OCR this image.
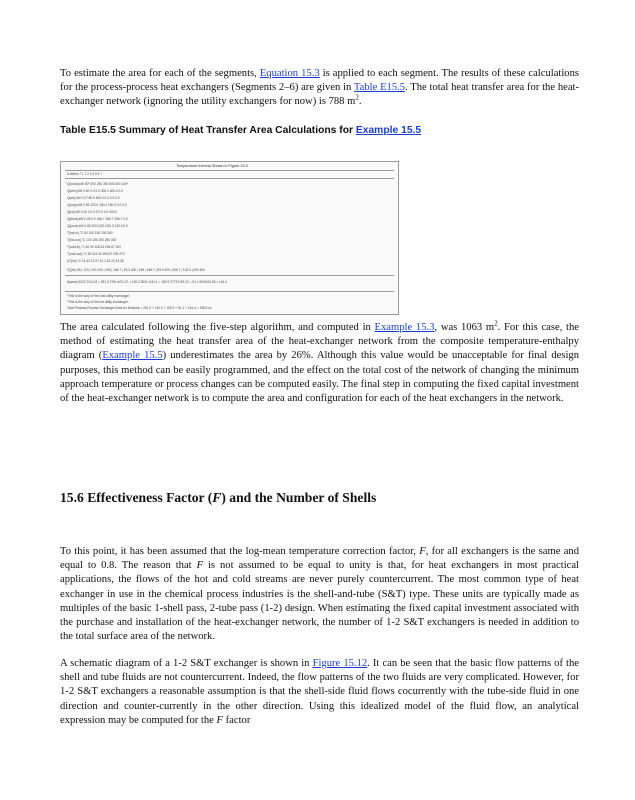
To estimate the area for each of the segments, Equation 15.3 is applied to each segment. The results of these calculations for the process-process heat exchangers (Segments 2–6) are given in Table E15.5. The total heat transfer area for the heat-exchanger network (ignoring the utility exchangers for now) is 788 $m^2$.

Table E15.5 Summary of Heat Transfer Area Calculations for Example 15.5

Temperature Interval Shown in Figure 15.5
A kW/m² °C 1 2 3 4 5 6 7
Q(cond),kW 50* 200 250 350 600 400 100*
Q(stm),kW 0.40 0.0 0.0 400.0 400.0 0.0
Q(air),kW 0.27 80.0 400.0 0.0 0.0 0.0
Q(vap),kW 0.55 120.0 150.0 150.0 0.0 0.0
Q(rd),kW 0.10 0.0 0.0 0.0 0.0 400.0
Q(feed),kW 0.25 0.0 166.7 166.7 266.7 0.0
Q(prod),kW 0.08 200.0 83.3 83.3 133.3 0.0
T(hot,in),°C 60 100 150 200 250
T(hot,out),°C 130 150 200 250 300
T(cold,in),°C 40 90 118.33 196.67 100
T(cold,out),°C 90 113.33 156.67 190 270
ΔT(lm),°C 14.43 21.07 41.1 91.22 43.28
Σ(Q/h) 80 | 123 | 200 100 | 150 | 166.7 | 83.3 400 | 150 | 166.7 | 83.3 400 | 266.7 | 133.3 | 400 400
A(area) 3022.7/14.43 = 261.9 2761.4/21.07 = 130.2 5041.1/41.1 = 152.9 2773.1/91.22 = 91.1 5000/43.28 = 144.4
*This is the duty of the cold utility exchanger.
*This is the duty of the hot utility exchanger.
Total Process-Process Exchanger Area for Network = 261.9 + 130.2 + 152.9 + 91.1 + 144.4 = 788.5 m²

The area calculated following the five-step algorithm, and computed in Example 15.3, was 1063 $m^2$. For this case, the method of estimating the heat transfer area of the heat-exchanger network from the composite temperature-enthalpy diagram (Example 15.5) underestimates the area by 26%. Although this value would be unacceptable for final design purposes, this method can be easily programmed, and the effect on the total cost of the network of changing the minimum approach temperature or process changes can be computed easily. The final step in computing the fixed capital investment of the heat-exchanger network is to compute the area and configuration for each of the heat exchangers in the network.

15.6 Effectiveness Factor (F) and the Number of Shells

To this point, it has been assumed that the log-mean temperature correction factor, F, for all exchangers is the same and equal to 0.8. The reason that F is not assumed to be equal to unity is that, for heat exchangers in most practical applications, the flows of the hot and cold streams are never purely countercurrent. The most common type of heat exchanger in use in the chemical process industries is the shell-and-tube (S&T) type. These units are typically made as multiples of the basic 1-shell pass, 2-tube pass (1-2) design. When estimating the fixed capital investment associated with the purchase and installation of the heat-exchanger network, the number of 1-2 S&T exchangers is needed in addition to the total surface area of the network.

A schematic diagram of a 1-2 S&T exchanger is shown in Figure 15.12. It can be seen that the basic flow patterns of the shell and tube fluids are not countercurrent. Indeed, the flow patterns of the two fluids are very complicated. However, for 1-2 S&T exchangers a reasonable assumption is that the shell-side fluid flows cocurrently with the tube-side fluid in one direction and counter-currently in the other direction. Using this idealized model of the fluid flow, an analytical expression may be computed for the F factor
